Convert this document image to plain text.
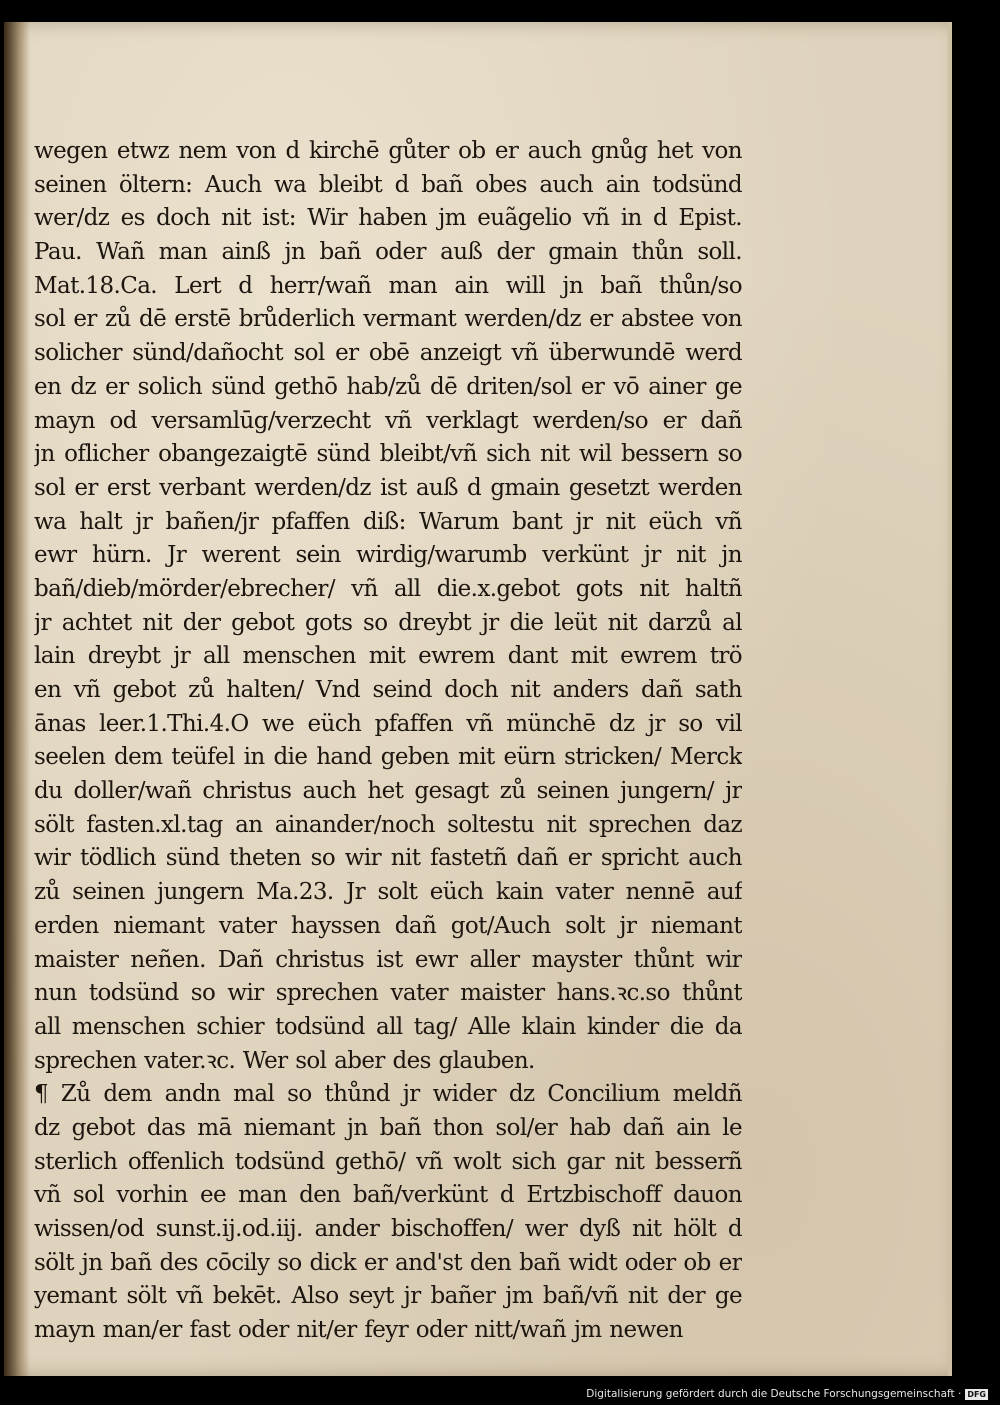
wegen etwz nem von d kirchē gůter ob er auch gnůg het von
seinen öltern: Auch wa bleibt d bañ obes auch ain todsünd
wer/dz es doch nit ist: Wir haben jm euãgelio vñ in d Epist.
Pau. Wañ man ainß jn bañ oder auß der gmain thůn soll.
Mat.18.Ca. Lert d herr/wañ man ain will jn bañ thůn/so
sol er zů dē erstē brůderlich vermant werden/dz er abstee von
solicher sünd/dañocht sol er obē anzeigt vñ überwundē werd
en dz er solich sünd gethō hab/zů dē driten/sol er vō ainer ge
mayn od versamlūg/verzecht vñ verklagt werden/so er dañ
jn oflicher obangezaigtē sünd bleibt/vñ sich nit wil bessern so
sol er erst verbant werden/dz ist auß d gmain gesetzt werden
wa halt jr bañen/jr pfaffen diß: Warum bant jr nit eüch vñ
ewr hürn. Jr werent sein wirdig/warumb verkünt jr nit jn
bañ/dieb/mörder/ebrecher/ vñ all die.x.gebot gots nit haltñ
jr achtet nit der gebot gots so dreybt jr die leüt nit darzů al
lain dreybt jr all menschen mit ewrem dant mit ewrem trö
en vñ gebot zů halten/ Vnd seind doch nit anders dañ sath
ānas leer.1.Thi.4.O we eüch pfaffen vñ münchē dz jr so vil
seelen dem teüfel in die hand geben mit eürn stricken/ Merck
du doller/wañ christus auch het gesagt zů seinen jungern/ jr
sölt fasten.xl.tag an ainander/noch soltestu nit sprechen daz
wir tödlich sünd theten so wir nit fastetñ dañ er spricht auch
zů seinen jungern Ma.23. Jr solt eüch kain vater nennē auf
erden niemant vater hayssen dañ got/Auch solt jr niemant
maister neñen. Dañ christus ist ewr aller mayster thůnt wir
nun todsünd so wir sprechen vater maister hans.ꝛc.so thůnt
all menschen schier todsünd all tag/ Alle klain kinder die da
sprechen vater.ꝛc. Wer sol aber des glauben.
¶ Zů dem andn mal so thůnd jr wider dz Concilium meldñ
dz gebot das mā niemant jn bañ thon sol/er hab dañ ain le
sterlich offenlich todsünd gethō/ vñ wolt sich gar nit besserñ
vñ sol vorhin ee man den bañ/verkünt d Ertzbischoff dauon
wissen/od sunst.ij.od.iij. ander bischoffen/ wer dyß nit hölt d
sölt jn bañ des cōcily so dick er and'st den bañ widt oder ob er
yemant sölt vñ bekēt. Also seyt jr bañer jm bañ/vñ nit der ge
mayn man/er fast oder nit/er feyr oder nitt/wañ jm newen
Digitalisierung gefördert durch die Deutsche Forschungsgemeinschaft · DFG
